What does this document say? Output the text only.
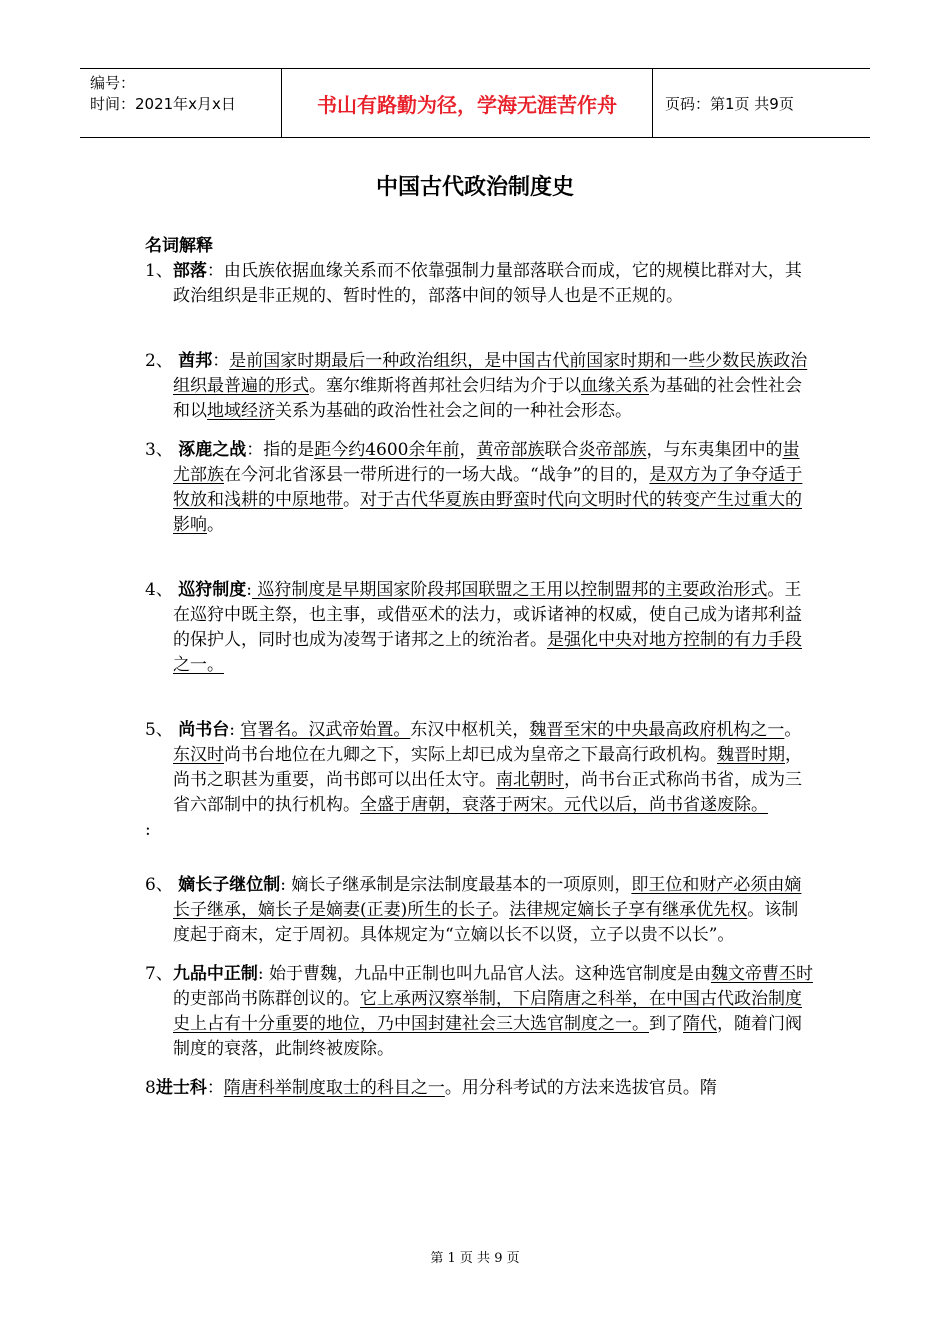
编号：
时间：2021年x月x日	书山有路勤为径，学海无涯苦作舟	页码：第1页 共9页
中国古代政治制度史
名词解释
1、部落：由氏族依据血缘关系而不依靠强制力量部落联合而成，它的规模比群对大，其政治组织是非正规的、暂时性的，部落中间的领导人也是不正规的。
2、 酋邦：是前国家时期最后一种政治组织，是中国古代前国家时期和一些少数民族政治组织最普遍的形式。塞尔维斯将酋邦社会归结为介于以血缘关系为基础的社会性社会和以地域经济关系为基础的政治性社会之间的一种社会形态。
3、 涿鹿之战：指的是距今约4600余年前，黄帝部族联合炎帝部族，与东夷集团中的蚩尤部族在今河北省涿县一带所进行的一场大战。“战争”的目的，是双方为了争夺适于牧放和浅耕的中原地带。对于古代华夏族由野蛮时代向文明时代的转变产生过重大的影响。
4、 巡狩制度: 巡狩制度是早期国家阶段邦国联盟之王用以控制盟邦的主要政治形式。王在巡狩中既主祭，也主事，或借巫术的法力，或诉诸神的权威，使自己成为诸邦利益的保护人，同时也成为凌驾于诸邦之上的统治者。是强化中央对地方控制的有力手段之一。
5、 尚书台: 官署名。汉武帝始置。东汉中枢机关，魏晋至宋的中央最高政府机构之一。东汉时尚书台地位在九卿之下，实际上却已成为皇帝之下最高行政机构。魏晋时期，尚书之职甚为重要，尚书郎可以出任太守。南北朝时，尚书台正式称尚书省，成为三省六部制中的执行机构。全盛于唐朝，衰落于两宋。元代以后，尚书省遂废除。
:
6、 嫡长子继位制: 嫡长子继承制是宗法制度最基本的一项原则，即王位和财产必须由嫡长子继承，嫡长子是嫡妻(正妻)所生的长子。法律规定嫡长子享有继承优先权。该制度起于商末，定于周初。具体规定为“立嫡以长不以贤，立子以贵不以长”。
7、九品中正制: 始于曹魏，九品中正制也叫九品官人法。这种选官制度是由魏文帝曹丕时的吏部尚书陈群创议的。它上承两汉察举制，下启隋唐之科举，在中国古代政治制度史上占有十分重要的地位，乃中国封建社会三大选官制度之一。到了隋代，随着门阀制度的衰落，此制终被废除。
8进士科：隋唐科举制度取士的科目之一。用分科考试的方法来选拔官员。隋
第 1 页 共 9 页
